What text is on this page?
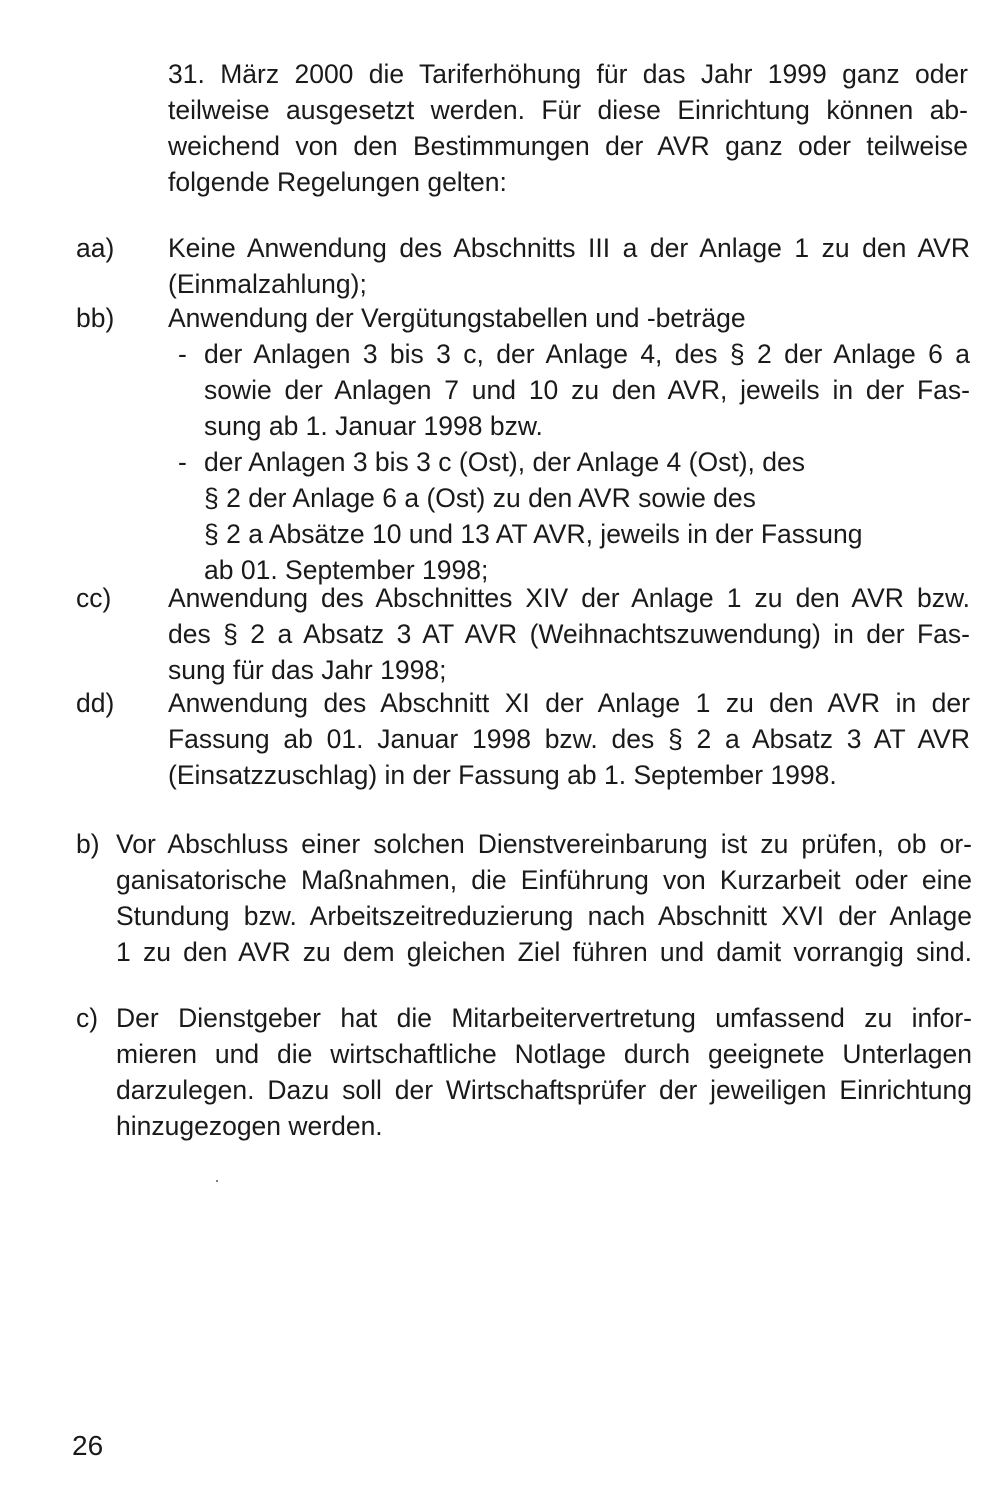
31. März 2000 die Tariferhöhung für das Jahr 1999 ganz oder
teilweise ausgesetzt werden. Für diese Einrichtung können ab-
weichend von den Bestimmungen der AVR ganz oder teilweise
folgende Regelungen gelten:
aa) Keine Anwendung des Abschnitts III a der Anlage 1 zu den AVR
(Einmalzahlung);
bb) Anwendung der Vergütungstabellen und -beträge
- der Anlagen 3 bis 3 c, der Anlage 4, des § 2 der Anlage 6 a
sowie der Anlagen 7 und 10 zu den AVR, jeweils in der Fas-
sung ab 1. Januar 1998 bzw.
- der Anlagen 3 bis 3 c (Ost), der Anlage 4 (Ost), des
§ 2 der Anlage 6 a (Ost) zu den AVR sowie des
§ 2 a Absätze 10 und 13 AT AVR, jeweils in der Fassung
ab 01. September 1998;
cc) Anwendung des Abschnittes XIV der Anlage 1 zu den AVR bzw.
des § 2 a Absatz 3 AT AVR (Weihnachtszuwendung) in der Fas-
sung für das Jahr 1998;
dd) Anwendung des Abschnitt XI der Anlage 1 zu den AVR in der
Fassung ab 01. Januar 1998 bzw. des § 2 a Absatz 3 AT AVR
(Einsatzzuschlag) in der Fassung ab 1. September 1998.
b) Vor Abschluss einer solchen Dienstvereinbarung ist zu prüfen, ob or-
ganisatorische Maßnahmen, die Einführung von Kurzarbeit oder eine
Stundung bzw. Arbeitszeitreduzierung nach Abschnitt XVI der Anlage
1 zu den AVR zu dem gleichen Ziel führen und damit vorrangig sind.
c) Der Dienstgeber hat die Mitarbeitervertretung umfassend zu infor-
mieren und die wirtschaftliche Notlage durch geeignete Unterlagen
darzulegen. Dazu soll der Wirtschaftsprüfer der jeweiligen Einrichtung
hinzugezogen werden.
26
